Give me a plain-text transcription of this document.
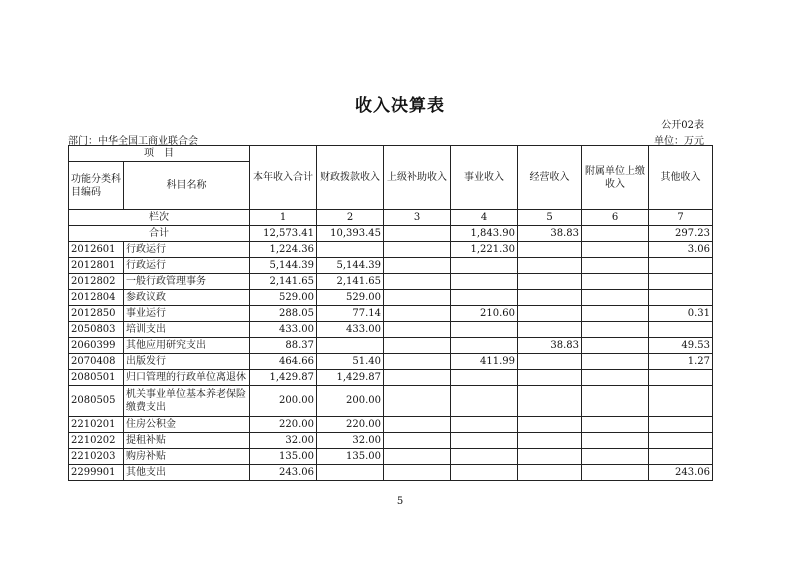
收入决算表
公开02表
部门：中华全国工商业联合会	单位：万元
项　目		本年收入合计	财政拨款收入	上级补助收入	事业收入	经营收入	附属单位上缴收入	其他收入
功能分类科目编码	科目名称							
栏次		1	2	3	4	5	6	7
合计		12,573.41	10,393.45		1,843.90	38.83		297.23
2012601	行政运行	1,224.36			1,221.30			3.06
2012801	行政运行	5,144.39	5,144.39					
2012802	一般行政管理事务	2,141.65	2,141.65					
2012804	参政议政	529.00	529.00					
2012850	事业运行	288.05	77.14		210.60			0.31
2050803	培训支出	433.00	433.00					
2060399	其他应用研究支出	88.37				38.83		49.53
2070408	出版发行	464.66	51.40		411.99			1.27
2080501	归口管理的行政单位离退休	1,429.87	1,429.87					
2080505	机关事业单位基本养老保险缴费支出	200.00	200.00					
2210201	住房公积金	220.00	220.00					
2210202	提租补贴	32.00	32.00					
2210203	购房补贴	135.00	135.00					
2299901	其他支出	243.06						243.06
5
